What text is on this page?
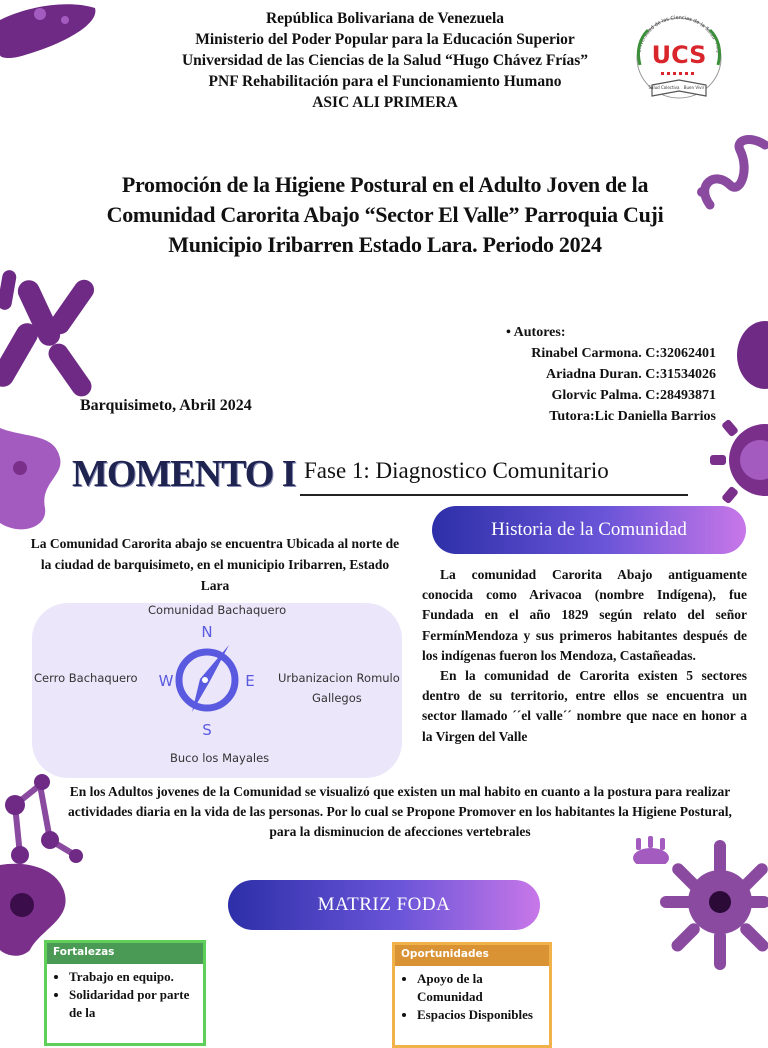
República Bolivariana de Venezuela
Ministerio del Poder Popular para la Educación Superior
Universidad de las Ciencias de la Salud “Hugo Chávez Frías”
PNF Rehabilitación para el Funcionamiento Humano
ASIC ALI PRIMERA
Universidad de las Ciencias de la Salud "Hugo
UCS
Salud Colectiva Buen Vivir
Promoción de la Higiene Postural en el Adulto Joven de la Comunidad Carorita Abajo “Sector El Valle” Parroquia Cuji Municipio Iribarren Estado Lara. Periodo 2024
• Autores:
Rinabel Carmona. C:32062401
Ariadna Duran. C:31534026
Glorvic Palma. C:28493871
Tutora:Lic Daniella Barrios
Barquisimeto, Abril 2024
MOMENTO I Fase 1: Diagnostico Comunitario
Historia de la Comunidad
La Comunidad Carorita abajo se encuentra Ubicada al norte de la ciudad de barquisimeto, en el municipio Iribarren, Estado Lara
Comunidad Bachaquero
Cerro Bachaquero	Urbanizacion Romulo
Gallegos
Buco los Mayales
N
S
W	E

La comunidad Carorita Abajo antiguamente conocida como Arivacoa (nombre Indígena), fue Fundada en el año 1829 según relato del señor FermínMendoza y sus primeros habitantes después de los indígenas fueron los Mendoza, Castañeadas.

En la comunidad de Carorita existen 5 sectores dentro de su territorio, entre ellos se encuentra un sector llamado ´´el valle´´ nombre que nace en honor a la Virgen del Valle

En los Adultos jovenes de la Comunidad se visualizó que existen un mal habito en cuanto a la postura para realizar actividades diaria en la vida de las personas. Por lo cual se Propone Promover en los habitantes la Higiene Postural, para la disminucion de afecciones vertebrales
MATRIZ FODA
Fortalezas
• Trabajo en equipo.
• Solidaridad por parte de la
Oportunidades
• Apoyo de la Comunidad
• Espacios Disponibles
